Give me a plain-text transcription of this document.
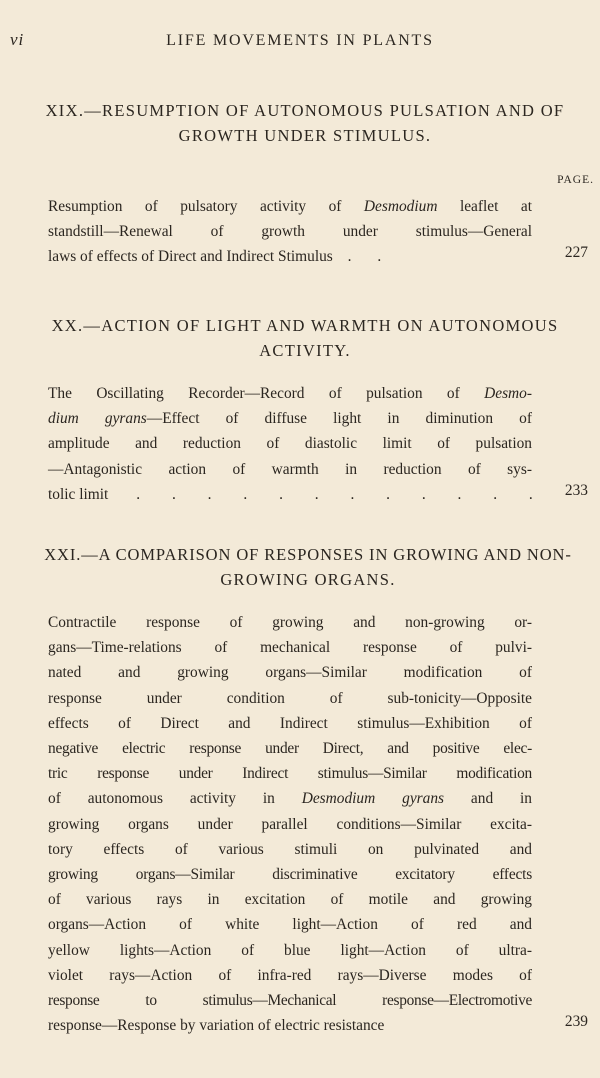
vi	LIFE MOVEMENTS IN PLANTS
XIX.—RESUMPTION OF AUTONOMOUS PULSATION AND OF
GROWTH UNDER STIMULUS.
PAGE.
Resumption of pulsatory activity of Desmodium leaflet at
standstill—Renewal of growth under stimulus—General
laws of effects of Direct and Indirect Stimulus . .	227
XX.—ACTION OF LIGHT AND WARMTH ON AUTONOMOUS
ACTIVITY.
The Oscillating Recorder—Record of pulsation of Desmo-
dium gyrans—Effect of diffuse light in diminution of
amplitude and reduction of diastolic limit of pulsation
—Antagonistic action of warmth in reduction of sys-
tolic limit . . . . . . . . . . . . 233
XXI.—A COMPARISON OF RESPONSES IN GROWING AND NON-
GROWING ORGANS.
Contractile response of growing and non-growing or-
gans—Time-relations of mechanical response of pulvi-
nated and growing organs—Similar modification of
response under condition of sub-tonicity—Opposite
effects of Direct and Indirect stimulus—Exhibition of
negative electric response under Direct, and positive elec-
tric response under Indirect stimulus—Similar modification
of autonomous activity in Desmodium gyrans and in
growing organs under parallel conditions—Similar excita-
tory effects of various stimuli on pulvinated and
growing organs—Similar discriminative excitatory effects
of various rays in excitation of motile and growing
organs—Action of white light—Action of red and
yellow lights—Action of blue light—Action of ultra-
violet rays—Action of infra-red rays—Diverse modes of
response to stimulus—Mechanical response—Electromotive
response—Response by variation of electric resistance	239
